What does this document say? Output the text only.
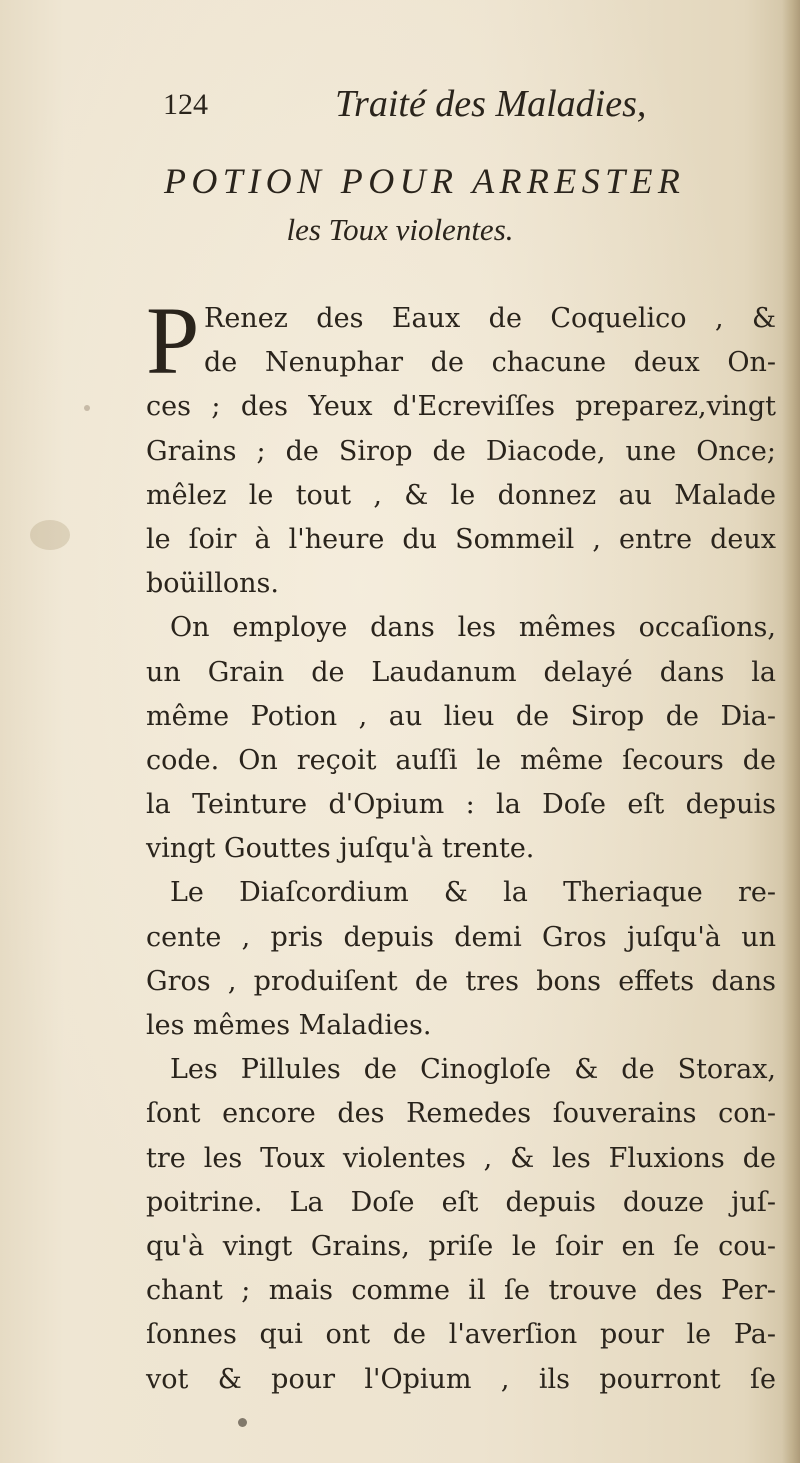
124	Traité des Maladies,
POTION POUR ARRESTER
les Toux violentes.
P Renez des Eaux de Coquelico , &
de Nenuphar de chacune deux On-
ces ; des Yeux d'Ecreviſſes preparez,vingt
Grains ; de Sirop de Diacode, une Once;
mêlez le tout , & le donnez au Malade
le ſoir à l'heure du Sommeil , entre deux
boüillons.
On employe dans les mêmes occaſions,
un Grain de Laudanum delayé dans la
même Potion , au lieu de Sirop de Dia-
code. On reçoit auſſi le même ſecours de
la Teinture d'Opium : la Doſe eſt depuis
vingt Gouttes juſqu'à trente.
Le Diaſcordium & la Theriaque re-
cente , pris depuis demi Gros juſqu'à un
Gros , produiſent de tres bons effets dans
les mêmes Maladies.
Les Pillules de Cinogloſe & de Storax,
ſont encore des Remedes ſouverains con-
tre les Toux violentes , & les Fluxions de
poitrine. La Doſe eſt depuis douze juſ-
qu'à vingt Grains, priſe le ſoir en ſe cou-
chant ; mais comme il ſe trouve des Per-
ſonnes qui ont de l'averſion pour le Pa-
vot & pour l'Opium , ils pourront ſe
